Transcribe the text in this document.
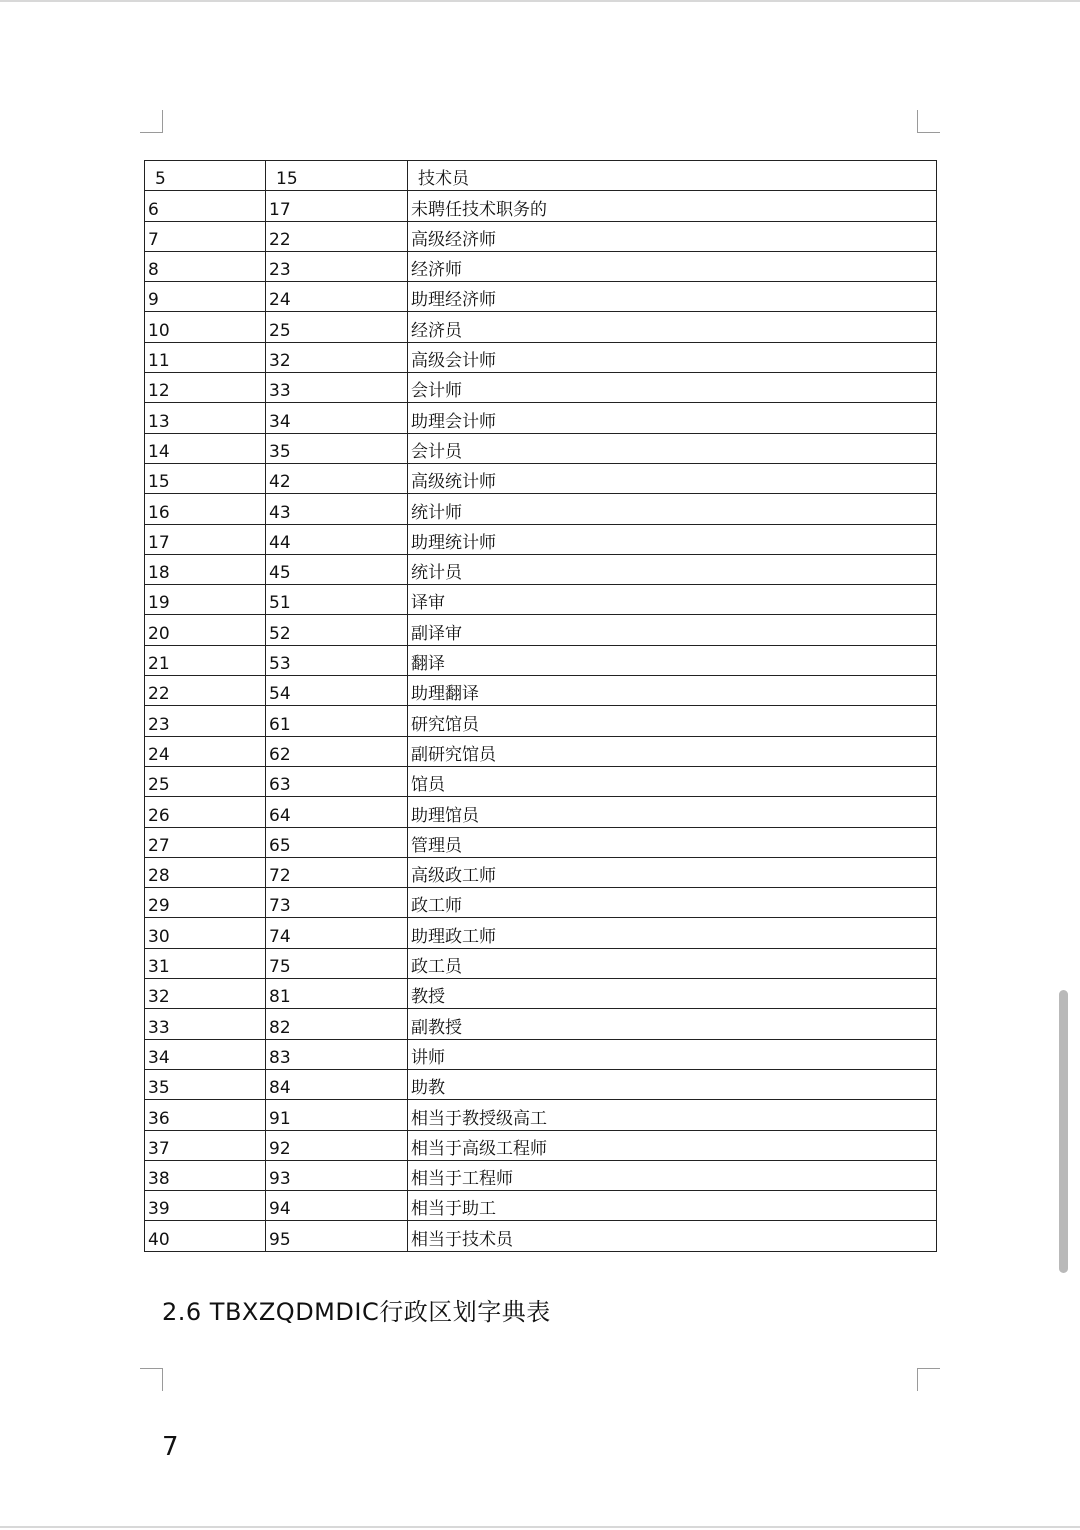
5	15	技术员
6	17	未聘任技术职务的
7	22	高级经济师
8	23	经济师
9	24	助理经济师
10	25	经济员
11	32	高级会计师
12	33	会计师
13	34	助理会计师
14	35	会计员
15	42	高级统计师
16	43	统计师
17	44	助理统计师
18	45	统计员
19	51	译审
20	52	副译审
21	53	翻译
22	54	助理翻译
23	61	研究馆员
24	62	副研究馆员
25	63	馆员
26	64	助理馆员
27	65	管理员
28	72	高级政工师
29	73	政工师
30	74	助理政工师
31	75	政工员
32	81	教授
33	82	副教授
34	83	讲师
35	84	助教
36	91	相当于教授级高工
37	92	相当于高级工程师
38	93	相当于工程师
39	94	相当于助工
40	95	相当于技术员
2.6 TBXZQDMDIC行政区划字典表
7
